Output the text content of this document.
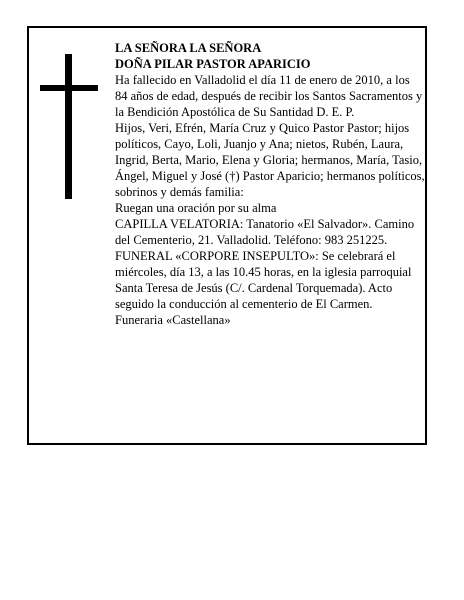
LA SEÑORA LA SEÑORA

DOÑA PILAR PASTOR APARICIO

Ha fallecido en Valladolid el día 11 de enero de 2010, a los 84 años de edad, después de recibir los Santos Sacramentos y la Bendición Apostólica de Su Santidad D. E. P.

Hijos, Veri, Efrén, María Cruz y Quico Pastor Pastor; hijos políticos, Cayo, Loli, Juanjo y Ana; nietos, Rubén, Laura, Ingrid, Berta, Mario, Elena y Gloria; hermanos, María, Tasio, Ángel, Miguel y José (†) Pastor Aparicio; hermanos políticos, sobrinos y demás familia:

Ruegan una oración por su alma

CAPILLA VELATORIA: Tanatorio «El Salvador». Camino del Cementerio, 21. Valladolid. Teléfono: 983 251225.

FUNERAL «CORPORE INSEPULTO»: Se celebrará el miércoles, día 13, a las 10.45 horas, en la iglesia parroquial Santa Teresa de Jesús (C/. Cardenal Torquemada). Acto seguido la conducción al cementerio de El Carmen.

Funeraria «Castellana»
